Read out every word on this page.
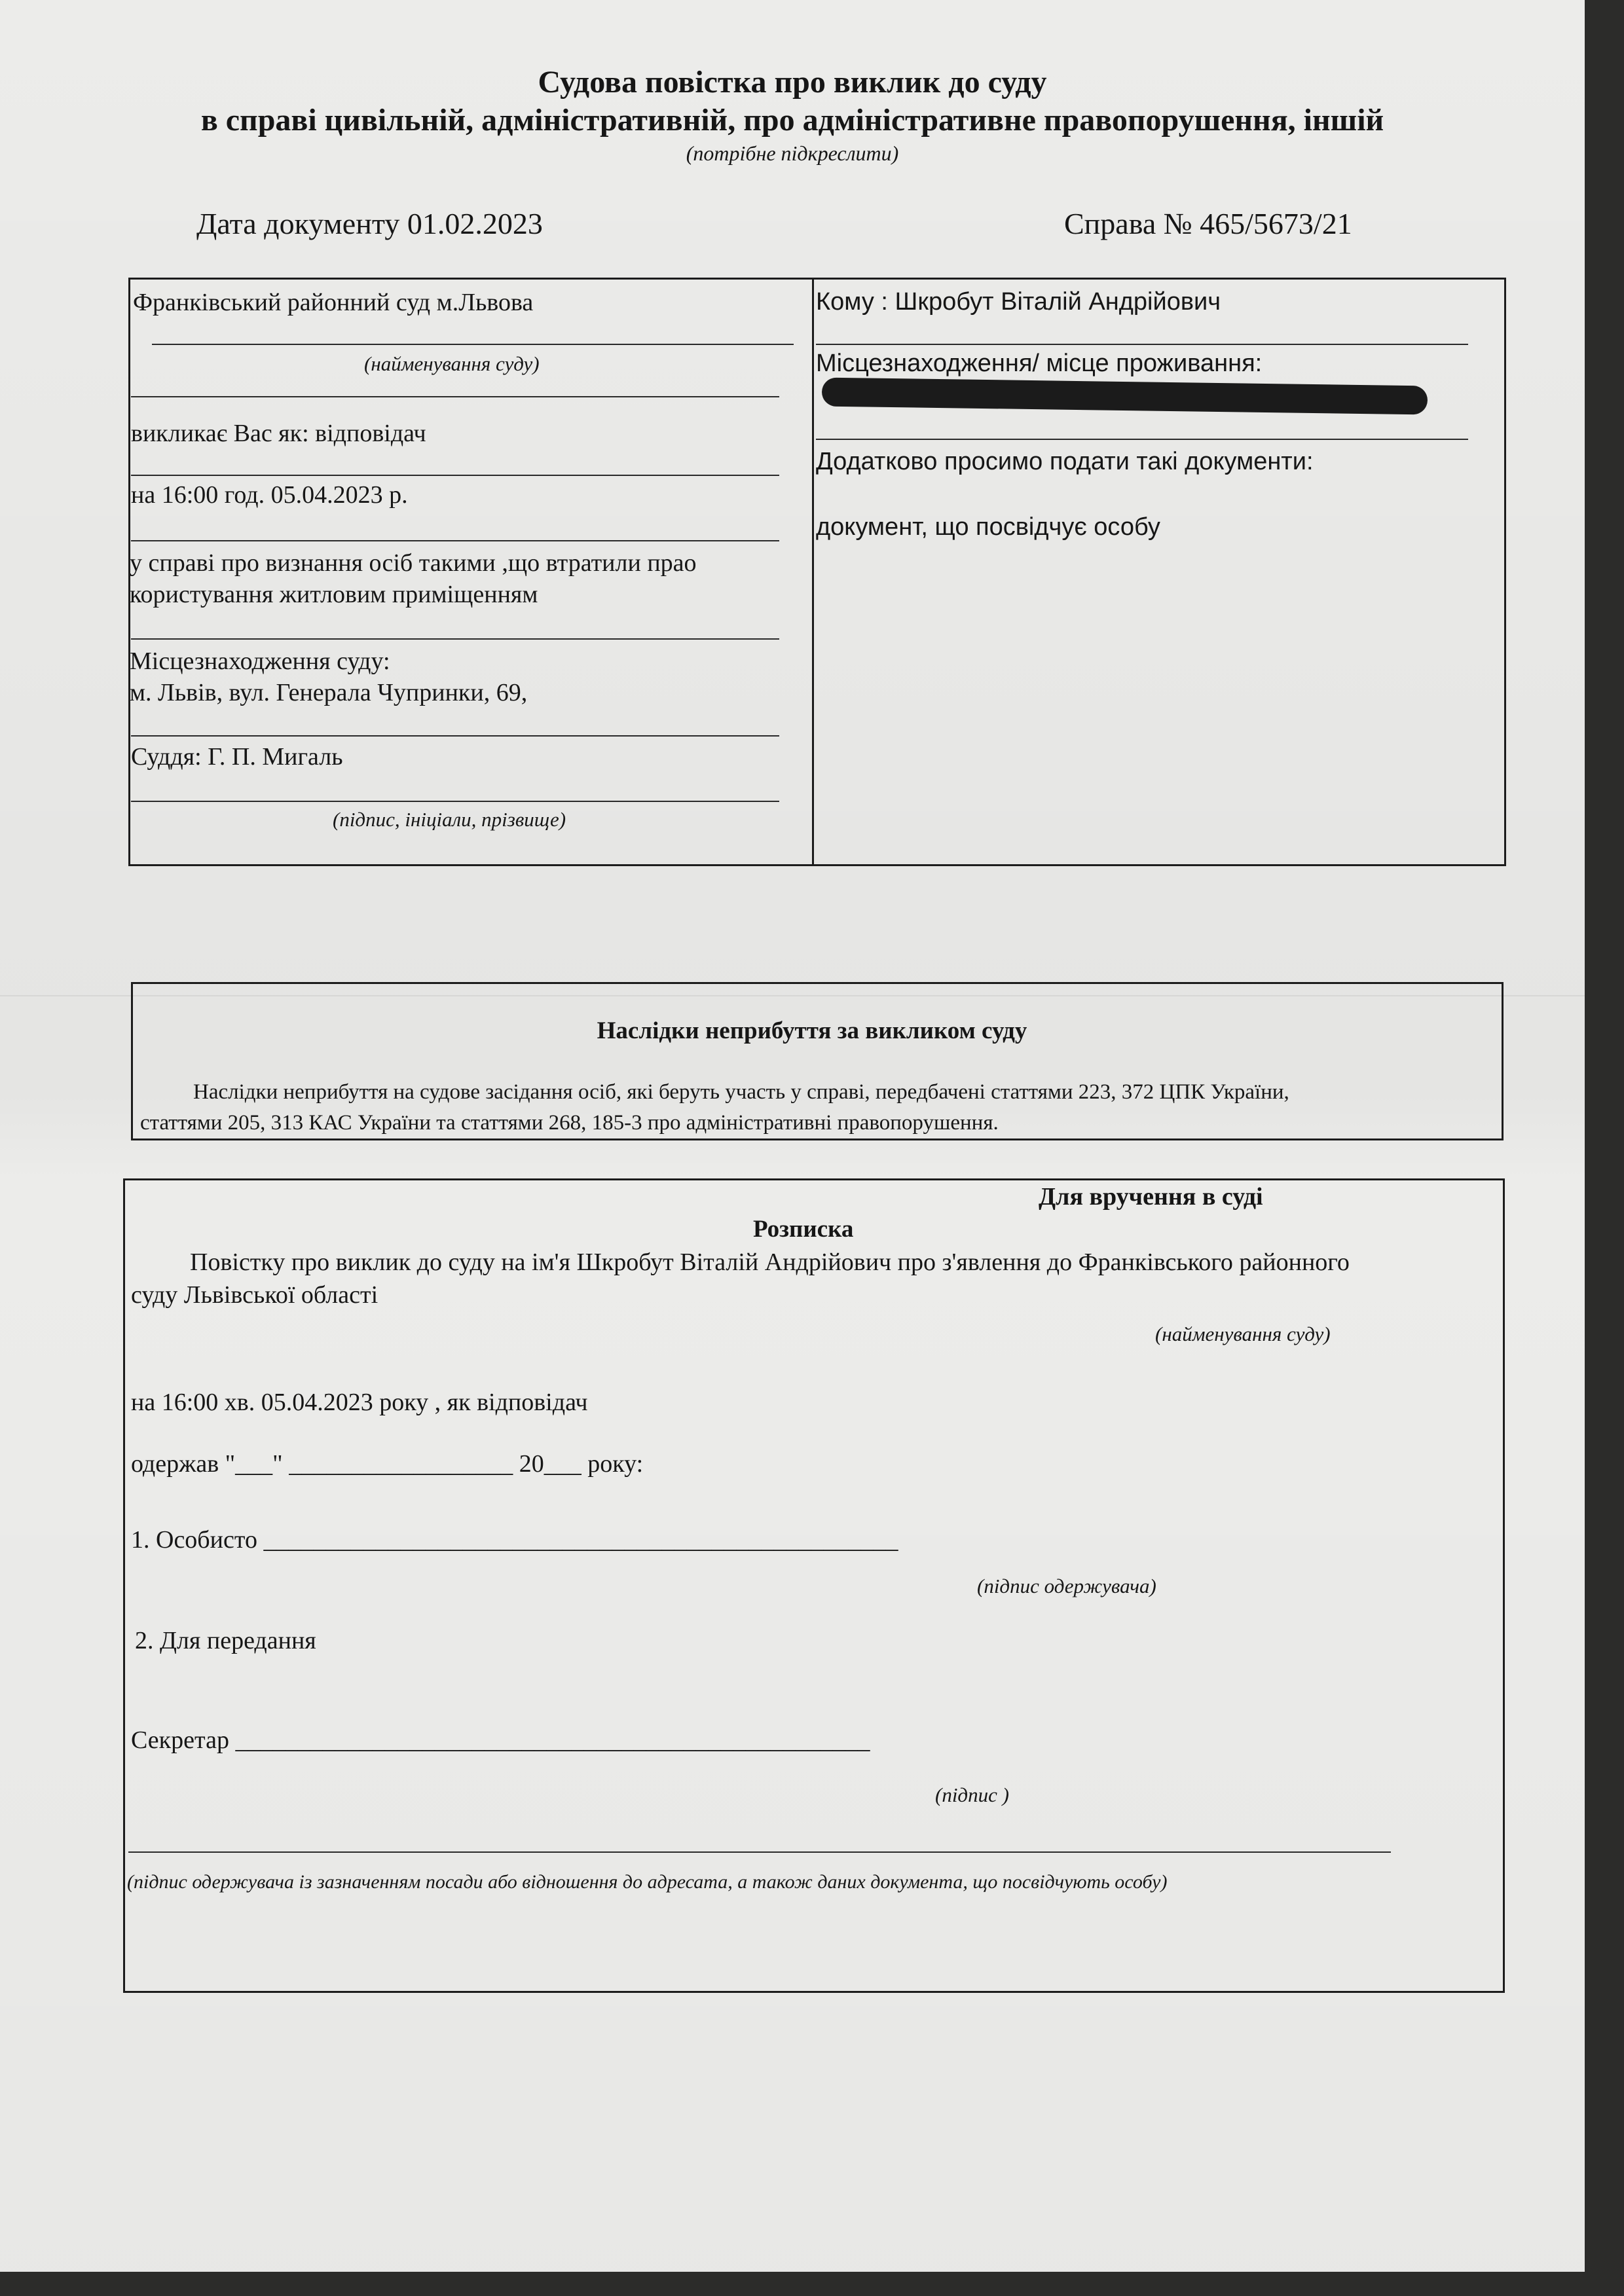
Судова повістка про виклик до суду
в справі цивільній, адміністративній, про адміністративне правопорушення, іншій
(потрібне підкреслити)
Дата документу 01.02.2023	Справа № 465/5673/21
Франківський районний суд м.Львова
(найменування суду)
викликає Вас як: відповідач
на 16:00 год. 05.04.2023 р.
у справі про визнання осіб такими ,що втратили прао
користування житловим приміщенням
Місцезнаходження суду:
м. Львів, вул. Генерала Чупринки, 69,
Суддя: Г. П. Мигаль
(підпис, ініціали, прізвище)
Кому : Шкробут Віталій Андрійович
Місцезнаходження/ місце проживання:
Додатково просимо подати такі документи:
документ, що посвідчує особу
Наслідки неприбуття за викликом суду
Наслідки неприбуття на судове засідання осіб, які беруть участь у справі, передбачені статтями 223, 372 ЦПК України,
статтями 205, 313 КАС України та статтями 268, 185-3 про адміністративні правопорушення.
Для вручення в суді
Розписка
Повістку про виклик до суду на ім'я Шкробут Віталій Андрійович про з'явлення до Франківського районного
суду Львівської області
(найменування суду)
на 16:00 хв. 05.04.2023 року , як відповідач
одержав "___" __________________ 20___ року:
1. Особисто ___________________________________________________
(підпис одержувача)
2. Для передання
Секретар ___________________________________________________
(підпис )
(підпис одержувача із зазначенням посади або відношення до адресата, а також даних документа, що посвідчують особу)
